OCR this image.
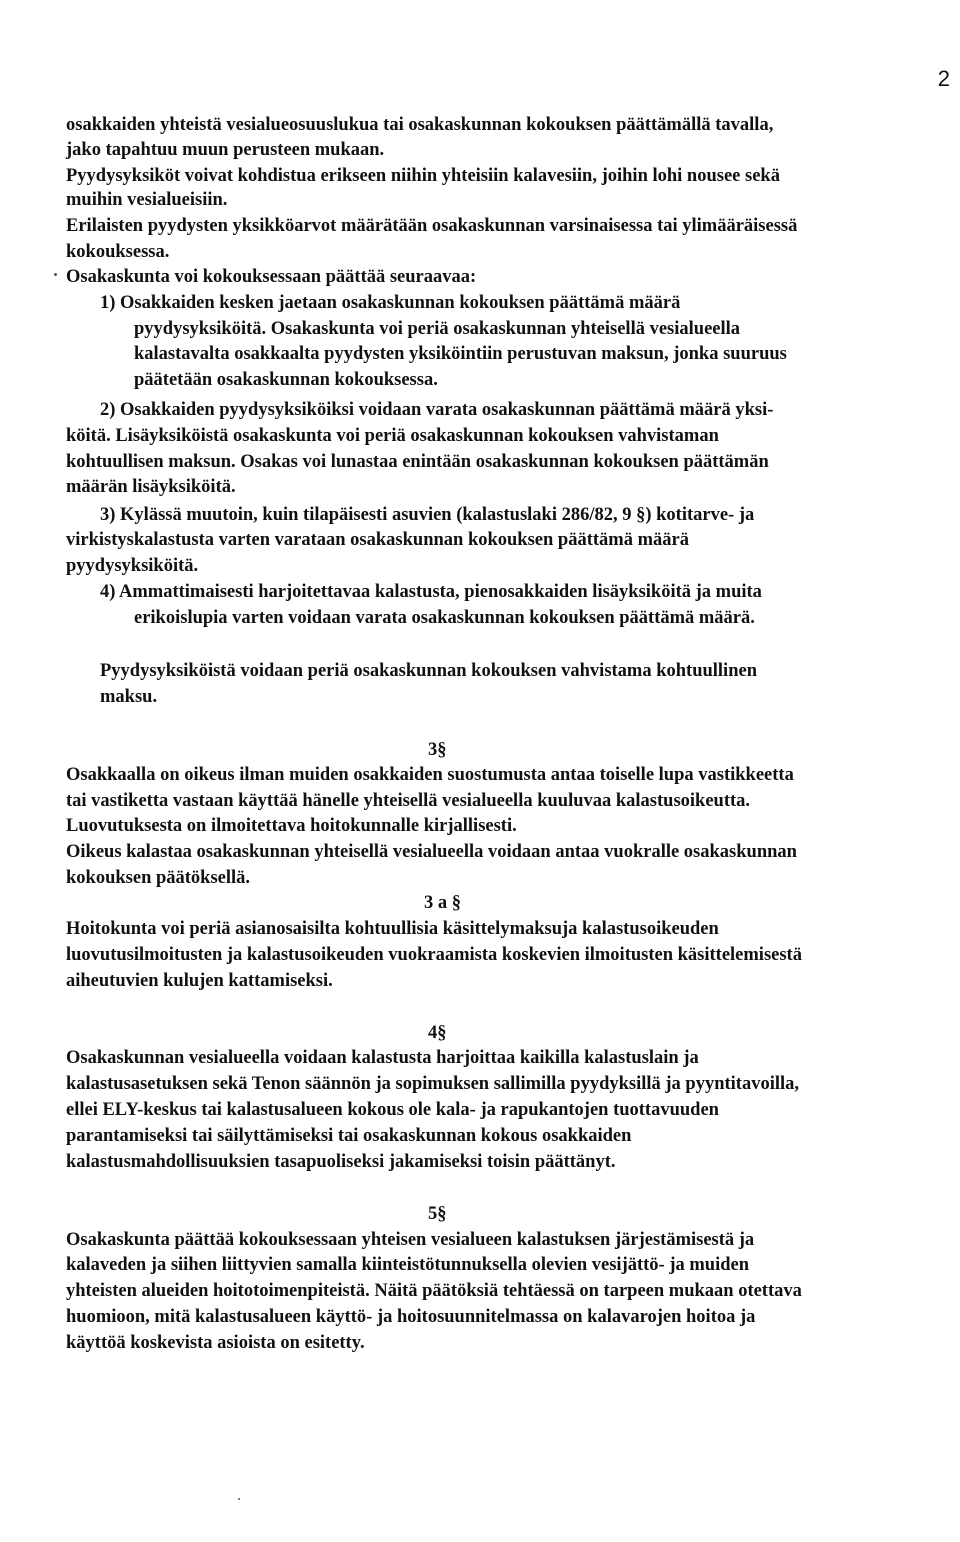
2
osakkaiden yhteistä vesialueosuuslukua tai osakaskunnan kokouksen päättämällä tavalla,
jako tapahtuu muun perusteen mukaan.
Pyydysyksiköt voivat kohdistua erikseen niihin yhteisiin kalavesiin, joihin lohi nousee sekä
muihin vesialueisiin.
Erilaisten pyydysten yksikköarvot määrätään osakaskunnan varsinaisessa tai ylimääräisessä
kokouksessa.
Osakaskunta voi kokouksessaan päättää seuraavaa:
1) Osakkaiden kesken jaetaan osakaskunnan kokouksen päättämä määrä
pyydysyksiköitä. Osakaskunta voi periä osakaskunnan yhteisellä vesialueella
kalastavalta osakkaalta pyydysten yksiköintiin perustuvan maksun, jonka suuruus
päätetään osakaskunnan kokouksessa.
2) Osakkaiden pyydysyksiköiksi voidaan varata osakaskunnan päättämä määrä yksi-
köitä. Lisäyksiköistä osakaskunta voi periä osakaskunnan kokouksen vahvistaman
kohtuullisen maksun. Osakas voi lunastaa enintään osakaskunnan kokouksen päättämän
määrän lisäyksiköitä.
3) Kylässä muutoin, kuin tilapäisesti asuvien (kalastuslaki 286/82, 9 §) kotitarve- ja
virkistyskalastusta varten varataan osakaskunnan kokouksen päättämä määrä
pyydysyksiköitä.
4) Ammattimaisesti harjoitettavaa kalastusta, pienosakkaiden lisäyksiköitä ja muita
erikoislupia varten voidaan varata osakaskunnan kokouksen päättämä määrä.
Pyydysyksiköistä voidaan periä osakaskunnan kokouksen vahvistama kohtuullinen
maksu.
3§
Osakkaalla on oikeus ilman muiden osakkaiden suostumusta antaa toiselle lupa vastikkeetta
tai vastiketta vastaan käyttää hänelle yhteisellä vesialueella kuuluvaa kalastusoikeutta.
Luovutuksesta on ilmoitettava hoitokunnalle kirjallisesti.
Oikeus kalastaa osakaskunnan yhteisellä vesialueella voidaan antaa vuokralle osakaskunnan
kokouksen päätöksellä.
3 a §
Hoitokunta voi periä asianosaisilta kohtuullisia käsittelymaksuja kalastusoikeuden
luovutusilmoitusten ja kalastusoikeuden vuokraamista koskevien ilmoitusten käsittelemisestä
aiheutuvien kulujen kattamiseksi.
4§
Osakaskunnan vesialueella voidaan kalastusta harjoittaa kaikilla kalastuslain ja
kalastusasetuksen sekä Tenon säännön ja sopimuksen sallimilla pyydyksillä ja pyyntitavoilla,
ellei ELY-keskus tai kalastusalueen kokous ole kala- ja rapukantojen tuottavuuden
parantamiseksi tai säilyttämiseksi tai osakaskunnan kokous osakkaiden
kalastusmahdollisuuksien tasapuoliseksi jakamiseksi toisin päättänyt.
5§
Osakaskunta päättää kokouksessaan yhteisen vesialueen kalastuksen järjestämisestä ja
kalaveden ja siihen liittyvien samalla kiinteistötunnuksella olevien vesijättö- ja muiden
yhteisten alueiden hoitotoimenpiteistä. Näitä päätöksiä tehtäessä on tarpeen mukaan otettava
huomioon, mitä kalastusalueen käyttö- ja hoitosuunnitelmassa on kalavarojen hoitoa ja
käyttöä koskevista asioista on esitetty.
